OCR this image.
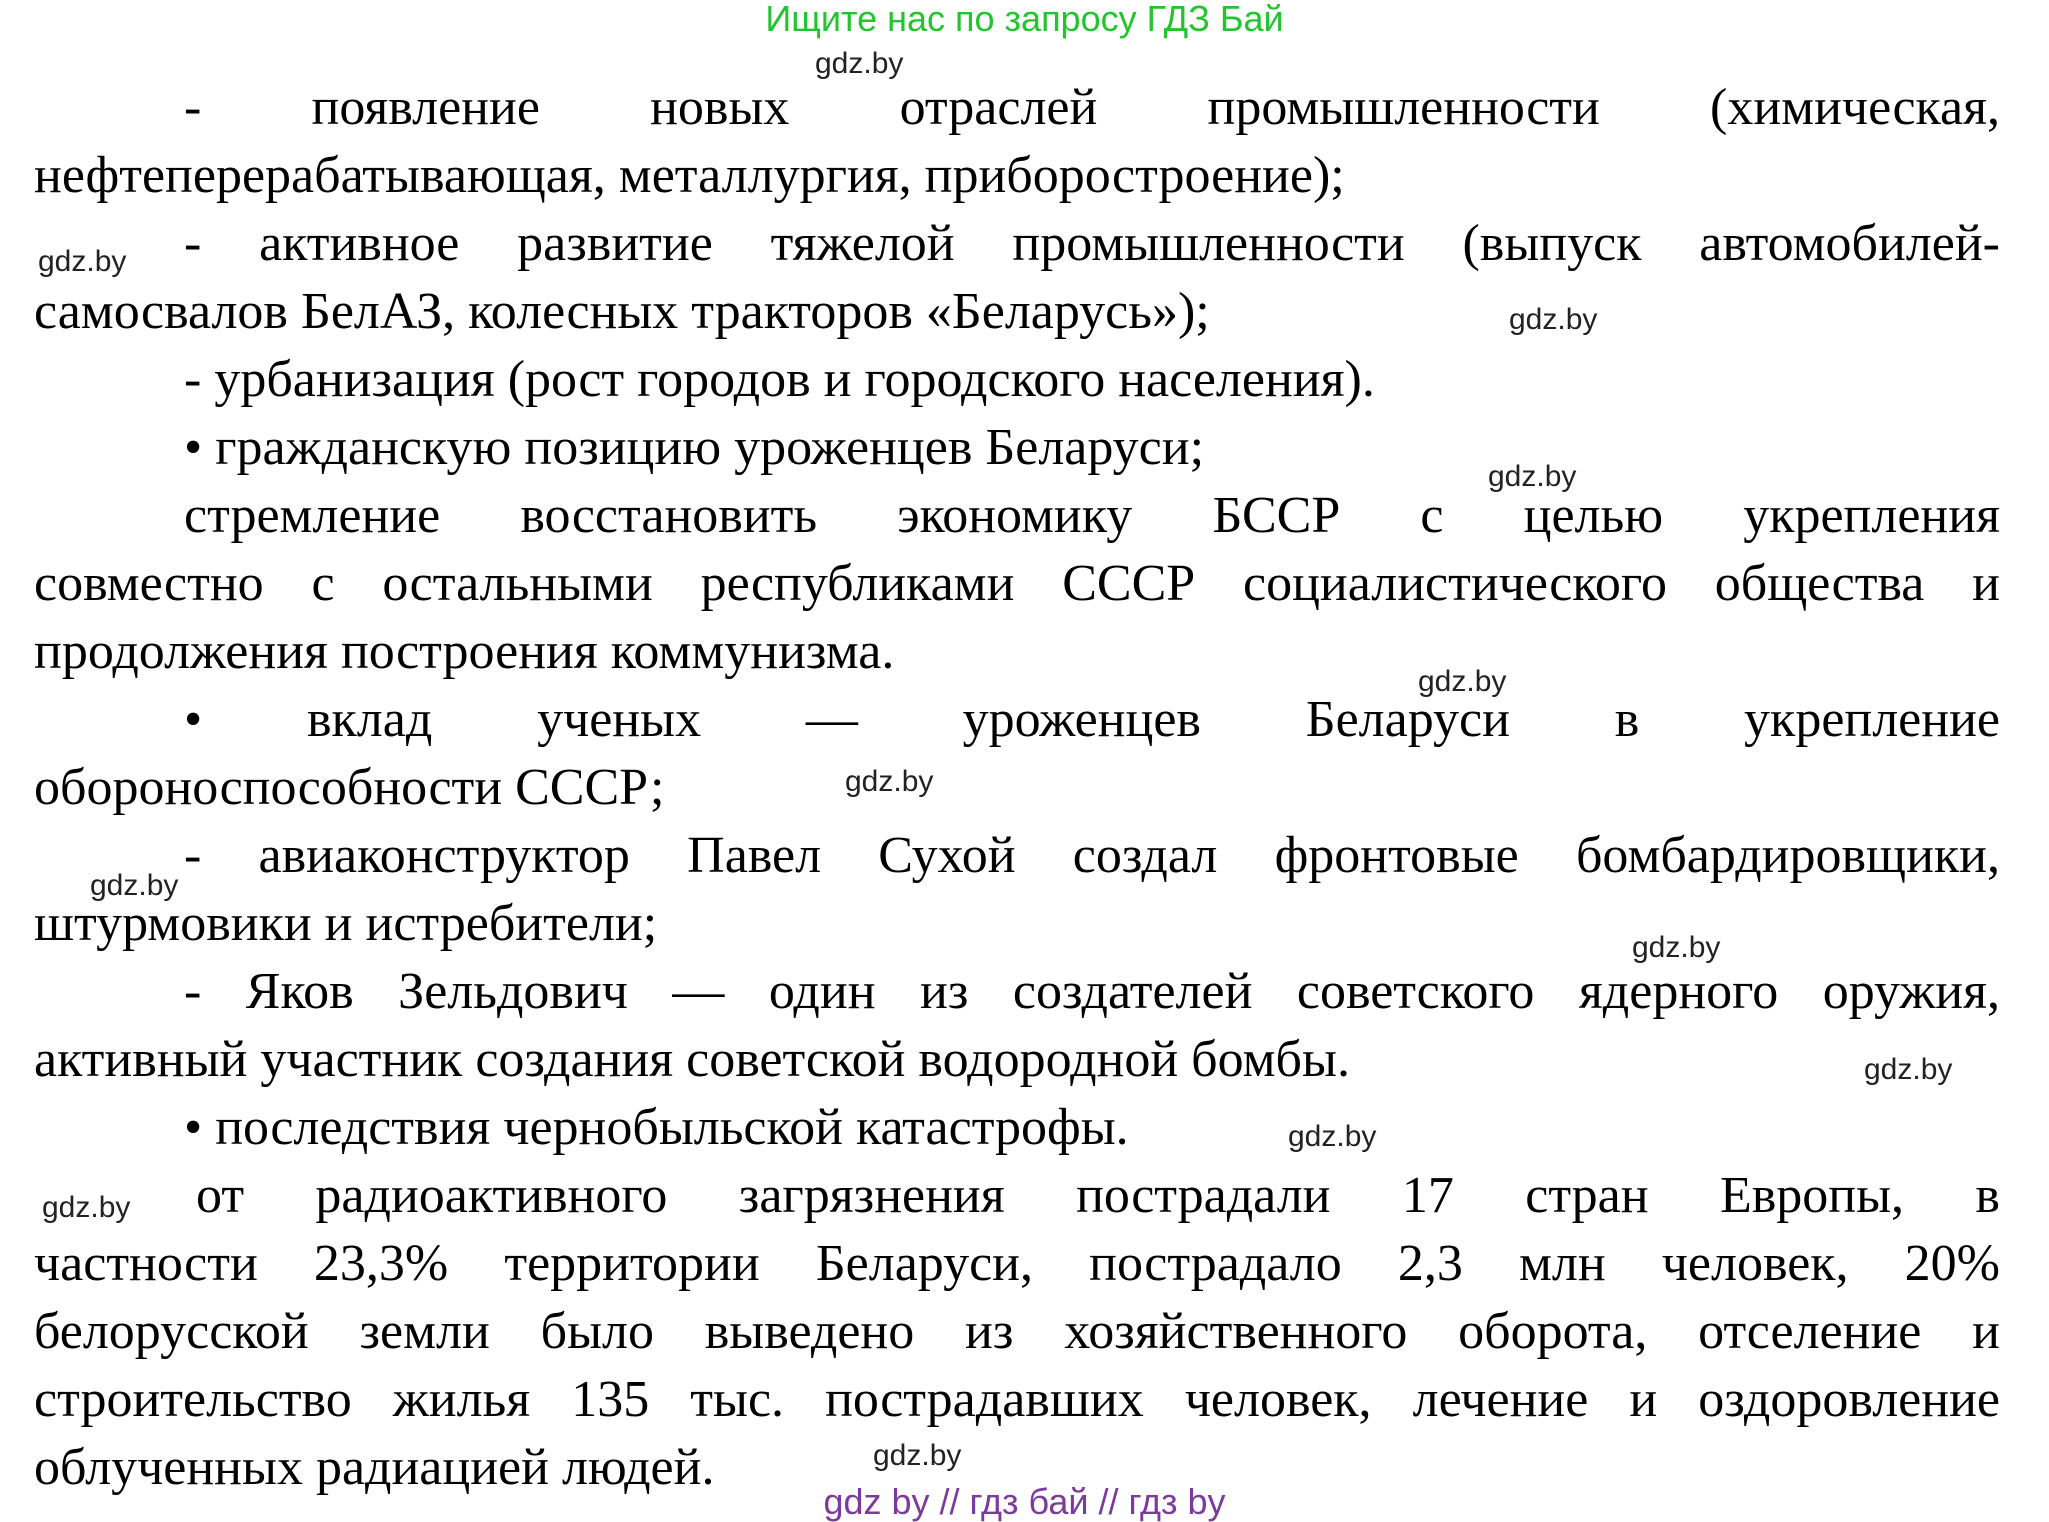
Ищите нас по запросу ГДЗ Бай
gdz.by
gdz.by
gdz.by
gdz.by
gdz.by
gdz.by
gdz.by
gdz.by
gdz.by
gdz.by
gdz.by
gdz.by
- появление новых отраслей промышленности (химическая,
нефтеперерабатывающая, металлургия, приборостроение);
- активное развитие тяжелой промышленности (выпуск автомобилей-
самосвалов БелАЗ, колесных тракторов «Беларусь»);
- урбанизация (рост городов и городского населения).
• гражданскую позицию уроженцев Беларуси;
стремление восстановить экономику БССР с целью укрепления
совместно с остальными республиками СССР социалистического общества и
продолжения построения коммунизма.
• вклад ученых — уроженцев Беларуси в укрепление
обороноспособности СССР;
- авиаконструктор Павел Сухой создал фронтовые бомбардировщики,
штурмовики и истребители;
- Яков Зельдович — один из создателей советского ядерного оружия,
активный участник создания советской водородной бомбы.
• последствия чернобыльской катастрофы.
от радиоактивного загрязнения пострадали 17 стран Европы, в
частности 23,3% территории Беларуси, пострадало 2,3 млн человек, 20%
белорусской земли было выведено из хозяйственного оборота, отселение и
строительство жилья 135 тыс. пострадавших человек, лечение и оздоровление
облученных радиацией людей.
gdz by // гдз бай // гдз by
